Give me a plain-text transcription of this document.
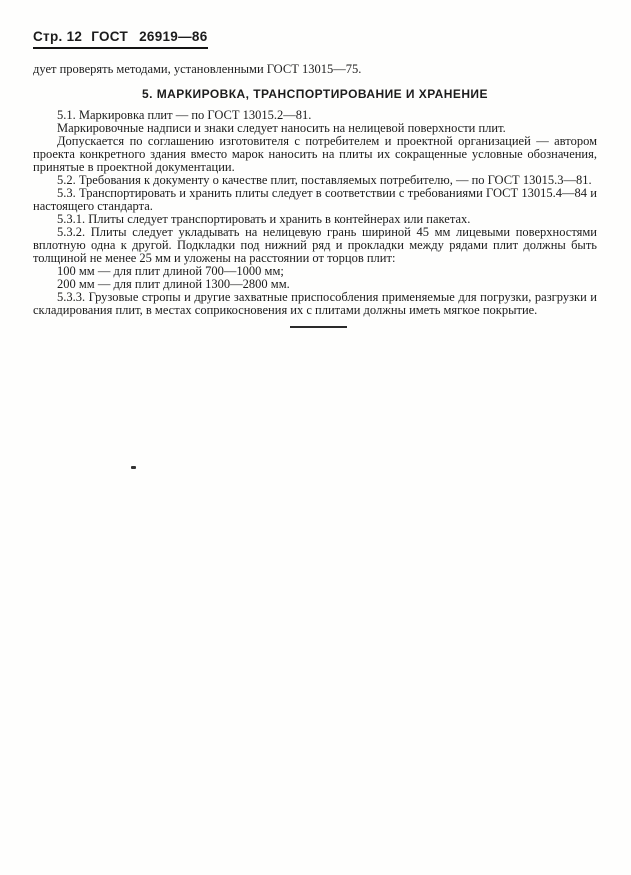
Стр. 12 ГОСТ 26919—86

дует проверять методами, установленными ГОСТ 13015—75.

5. МАРКИРОВКА, ТРАНСПОРТИРОВАНИЕ И ХРАНЕНИЕ

5.1. Маркировка плит — по ГОСТ 13015.2—81.

Маркировочные надписи и знаки следует наносить на нелицевой поверхности плит.

Допускается по соглашению изготовителя с потребителем и проектной организацией — автором проекта конкретного здания вместо марок наносить на плиты их сокращенные условные обозначения, принятые в проектной документации.

5.2. Требования к документу о качестве плит, поставляемых потребителю, — по ГОСТ 13015.3—81.

5.3. Транспортировать и хранить плиты следует в соответствии с требованиями ГОСТ 13015.4—84 и настоящего стандарта.

5.3.1. Плиты следует транспортировать и хранить в контейнерах или пакетах.

5.3.2. Плиты следует укладывать на нелицевую грань шириной 45 мм лицевыми поверхностями вплотную одна к другой. Подкладки под нижний ряд и прокладки между рядами плит должны быть толщиной не менее 25 мм и уложены на расстоянии от торцов плит:

100 мм — для плит длиной 700—1000 мм;

200 мм — для плит длиной 1300—2800 мм.

5.3.3. Грузовые стропы и другие захватные приспособления применяемые для погрузки, разгрузки и складирования плит, в местах соприкосновения их с плитами должны иметь мягкое покрытие.
